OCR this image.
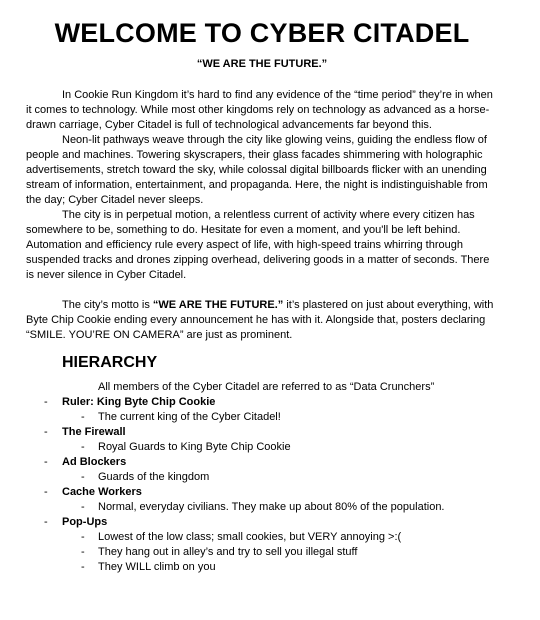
WELCOME TO CYBER CITADEL
“WE ARE THE FUTURE.”

In Cookie Run Kingdom it’s hard to find any evidence of the “time period” they’re in when it comes to technology. While most other kingdoms rely on technology as advanced as a horse-drawn carriage, Cyber Citadel is full of technological advancements far beyond this.

Neon-lit pathways weave through the city like glowing veins, guiding the endless flow of people and machines. Towering skyscrapers, their glass facades shimmering with holographic advertisements, stretch toward the sky, while colossal digital billboards flicker with an unending stream of information, entertainment, and propaganda. Here, the night is indistinguishable from the day; Cyber Citadel never sleeps.

The city is in perpetual motion, a relentless current of activity where every citizen has somewhere to be, something to do. Hesitate for even a moment, and you'll be left behind. Automation and efficiency rule every aspect of life, with high-speed trains whirring through suspended tracks and drones zipping overhead, delivering goods in a matter of seconds. There is never silence in Cyber Citadel.

The city’s motto is “WE ARE THE FUTURE.” it’s plastered on just about everything, with Byte Chip Cookie ending every announcement he has with it. Alongside that, posters declaring “SMILE. YOU’RE ON CAMERA” are just as prominent.

HIERARCHY
All members of the Cyber Citadel are referred to as “Data Crunchers”
- Ruler: King Byte Chip Cookie
- The current king of the Cyber Citadel!
- The Firewall
- Royal Guards to King Byte Chip Cookie
- Ad Blockers
- Guards of the kingdom
- Cache Workers
- Normal, everyday civilians. They make up about 80% of the population.
- Pop-Ups
- Lowest of the low class; small cookies, but VERY annoying >:(
- They hang out in alley’s and try to sell you illegal stuff
- They WILL climb on you
